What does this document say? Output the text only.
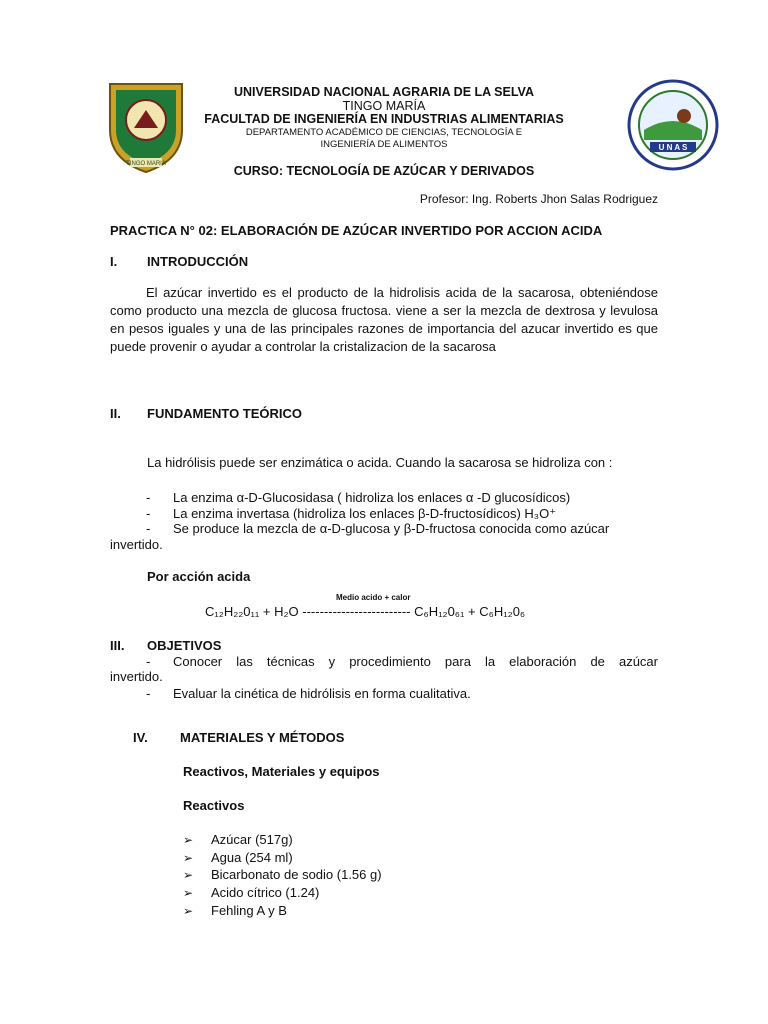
TINGO MARIA
U N A S
UNIVERSIDAD NACIONAL AGRARIA DE LA SELVA
TINGO MARÍA
FACULTAD DE INGENIERÍA EN INDUSTRIAS ALIMENTARIAS
DEPARTAMENTO ACADÉMICO DE CIENCIAS, TECNOLOGÍA E
INGENIERÍA DE ALIMENTOS
CURSO: TECNOLOGÍA DE AZÚCAR Y DERIVADOS
Profesor: Ing. Roberts Jhon Salas Rodriguez
PRACTICA N° 02: ELABORACIÓN DE AZÚCAR INVERTIDO POR ACCION ACIDA
I. INTRODUCCIÓN
El azúcar invertido es el producto de la hidrolisis acida de la sacarosa, obteniéndose como producto una mezcla de glucosa fructosa. viene a ser la mezcla de dextrosa y levulosa en pesos iguales y una de las principales razones de importancia del azucar invertido es que puede provenir o ayudar a controlar la cristalizacion de la sacarosa
II. FUNDAMENTO TEÓRICO
La hidrólisis puede ser enzimática o acida. Cuando la sacarosa se hidroliza con :
- La enzima α-D-Glucosidasa ( hidroliza los enlaces α -D glucosídicos)
- La enzima invertasa (hidroliza los enlaces β-D-fructosídicos) H₃O⁺
- Se produce la mezcla de α-D-glucosa y β-D-fructosa conocida como azúcar
invertido.
Por acción acida
Medio acido + calor
C₁₂H₂₂0₁₁ + H₂O ------------------------- C₆H₁₂0₆₁ + C₆H₁₂0₆
III. OBJETIVOS
- Conocer las técnicas y procedimiento para la elaboración de azúcar
invertido.
- Evaluar la cinética de hidrólisis en forma cualitativa.
IV. MATERIALES Y MÉTODOS
Reactivos, Materiales y equipos
Reactivos
➢ Azúcar (517g)
➢ Agua (254 ml)
➢ Bicarbonato de sodio (1.56 g)
➢ Acido cítrico (1.24)
➢ Fehling A y B
